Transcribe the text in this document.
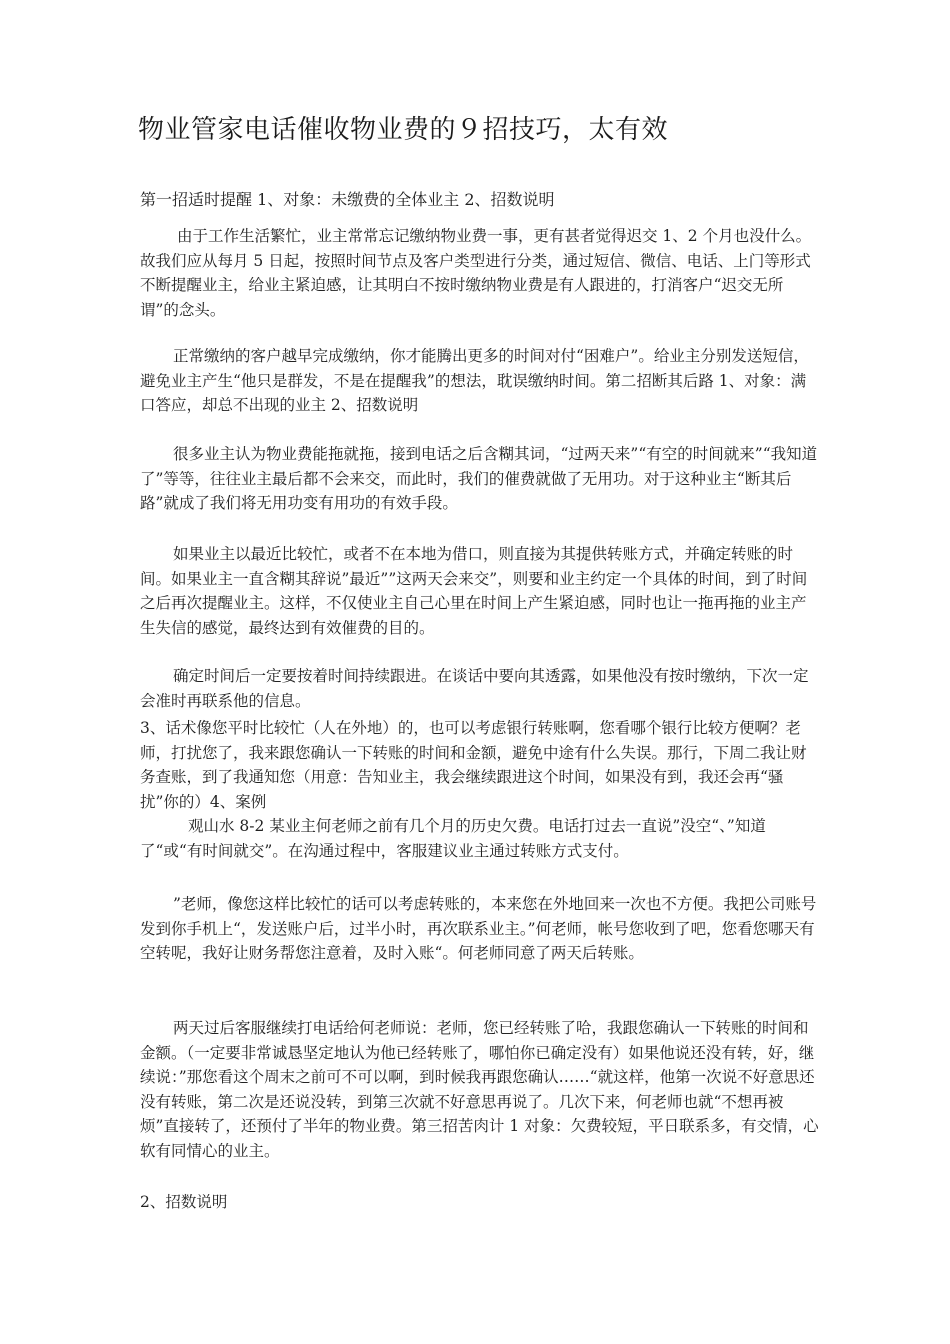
物业管家电话催收物业费的９招技巧，太有效

第一招适时提醒 1、对象：未缴费的全体业主 2、招数说明

由于工作生活繁忙，业主常常忘记缴纳物业费一事，更有甚者觉得迟交 1、2 个月也没什么。故我们应从每月 5 日起，按照时间节点及客户类型进行分类，通过短信、微信、电话、上门等形式不断提醒业主，给业主紧迫感，让其明白不按时缴纳物业费是有人跟进的，打消客户“迟交无所谓”的念头。

正常缴纳的客户越早完成缴纳，你才能腾出更多的时间对付“困难户”。给业主分别发送短信，避免业主产生“他只是群发，不是在提醒我”的想法，耽误缴纳时间。第二招断其后路 1、对象：满口答应，却总不出现的业主 2、招数说明

很多业主认为物业费能拖就拖，接到电话之后含糊其词，“过两天来”“有空的时间就来”“我知道了”等等，往往业主最后都不会来交，而此时，我们的催费就做了无用功。对于这种业主“断其后路”就成了我们将无用功变有用功的有效手段。

如果业主以最近比较忙，或者不在本地为借口，则直接为其提供转账方式，并确定转账的时间。如果业主一直含糊其辞说”最近””这两天会来交”，则要和业主约定一个具体的时间，到了时间之后再次提醒业主。这样，不仅使业主自己心里在时间上产生紧迫感，同时也让一拖再拖的业主产生失信的感觉，最终达到有效催费的目的。

确定时间后一定要按着时间持续跟进。在谈话中要向其透露，如果他没有按时缴纳，下次一定会准时再联系他的信息。

3、话术像您平时比较忙（人在外地）的，也可以考虑银行转账啊，您看哪个银行比较方便啊？老师，打扰您了，我来跟您确认一下转账的时间和金额，避免中途有什么失误。那行，下周二我让财务查账，到了我通知您（用意：告知业主，我会继续跟进这个时间，如果没有到，我还会再“骚扰”你的）4、案例

观山水 8-2 某业主何老师之前有几个月的历史欠费。电话打过去一直说”没空“、”知道了“或“有时间就交”。在沟通过程中，客服建议业主通过转账方式支付。

”老师，像您这样比较忙的话可以考虑转账的，本来您在外地回来一次也不方便。我把公司账号发到你手机上“，发送账户后，过半小时，再次联系业主。”何老师，帐号您收到了吧，您看您哪天有空转呢，我好让财务帮您注意着，及时入账“。何老师同意了两天后转账。

两天过后客服继续打电话给何老师说：老师，您已经转账了哈，我跟您确认一下转账的时间和金额。（一定要非常诚恳坚定地认为他已经转账了，哪怕你已确定没有）如果他说还没有转，好，继续说：”那您看这个周末之前可不可以啊，到时候我再跟您确认……“就这样，他第一次说不好意思还没有转账，第二次是还说没转，到第三次就不好意思再说了。几次下来，何老师也就“不想再被烦”直接转了，还预付了半年的物业费。第三招苦肉计 1 对象：欠费较短，平日联系多，有交情，心软有同情心的业主。

2、招数说明
